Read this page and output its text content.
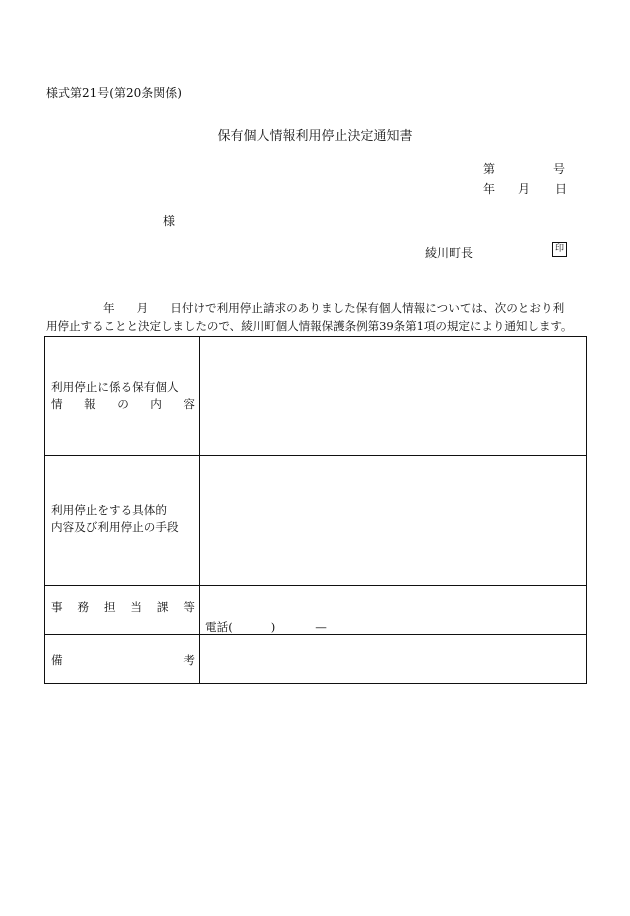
様式第21号(第20条関係)
保有個人情報利用停止決定通知書
第	号
年 月 日
様
綾川町長	印
年 月 日付けで利用停止請求のありました保有個人情報については、次のとおり利
用停止することと決定しましたので、綾川町個人情報保護条例第39条第1項の規定により通知します。
利用停止に係る保有個人
情 報 の 内 容
利用停止をする具体的
内容及び利用停止の手段
事 務 担 当 課 等
電話(	)	—
備	考
